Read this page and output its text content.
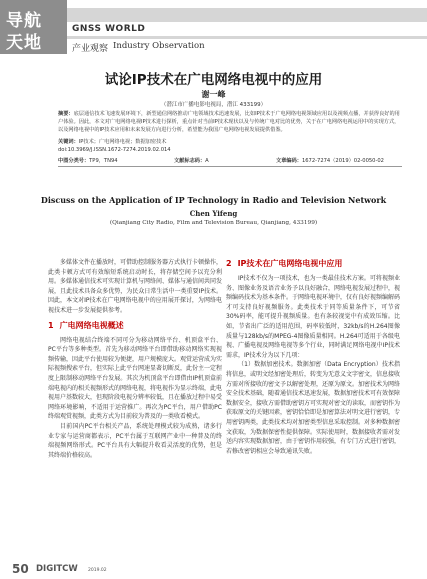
导航
天地
GNSS WORLD
产业观察 Industry Observation
试论IP技术在广电网络电视中的应用
谢一峰
（潜江市广播电影电视局，潜江 433199）
摘要：底层通信技术飞速发展环境下，新型通信网络推动广电领域技术迅速发展，比如IP技术于广电网络电视领域应用以及视频点播，并获得良好的用户体验。因此，本文对广电网络电视IP技术进行探析，重点针对当前IP技术现状以及与传统广电对比的优势，关于在广电网络电视运用中的实现方式，以及网络电视中的IP技术应用和未来发展方向进行分析，希望能为我国广电网络电视发展提供借鉴。
关键词：IP技术；广电网络电视；数据加密技术
doi:10.3969/J.ISSN.1672-7274.2019.02.014
中图分类号：TP9，TN94	文献标志码：A	文章编码：1672-7274（2019）02-0050-02
Discuss on the Application of IP Technology in Radio and Television Network
Chen Yifeng
(Qianjiang City Radio, Film and Television Bureau, Qianjiang, 433199)

多媒体文件在播放时，可借助控制服务器方式执行卡顿操作，此类卡顿方式可有效缩短系统启动时长，将存储空间予以充分利用。多媒体通信技术可实现计算机与网络间、媒体与通信间共同发展，且此技术具备众多优势，为民众日常生活中一类重要IP技术。因此，本文对IP技术在广电网络电视中的应用展开探讨，为网络电视技术进一步发展提供参考。

1 广电网络电视概述

网络电视结合终端不同可分为移动网络平台、机顶盒平台、PC平台等多种类型。首先为移动网络平台即借助移动网络实现视频传输，因此平台使用较为便捷，用户规模庞大。观赏运营成为实际视频搜索平台，但实际上此平台网速显著切断反，此份主一定程度上限制移动网络平台发展。其次为机顶盒平台即借由IP机顶盒前端电视内的相关视频形式的网络电视，将电视作为显示终端，此电视用户基数较大，但现阶段电视分辨率较低，且在播放过程中易受网络环境影响，不适用于运营推广。再次为PC平台，用户借助PC终端观赏视频，此类方式为目前较为普及的一类收看模式。

目前国内PC平台相关产品，系统处理模式较为成熟，诸多行业专家与运营商都表示，PC平台属于互联网产业中一种普及的终端视频网络形式。PC平台具有大幅提升收看灵活度的优势，但是其终端价格较高。

2 IP技术在广电网络电视中应用

IP技术不仅为一项技术，也为一类最佳技术方案。可将视频业务、图像业务及语音业务予以良好融合，网络电视发展过程中，视频编码技术为基本条件。于网络电视环境中，仅有良好视频编解码才可支持良好视频服务。此类技术于同等质量条件下，可节省30%码率，能可提升视频质量。也有条较视觉中有成效压缩。比如，节省出广泛的适用范围，码率较低时，32kb/s的H.264图像质量与128kb/s的MPEG-4图像质量相同。H.264可适用于各级电视、广播电视及网络电视等多个行业，同时满足网络电视中IP技术需求，IP技术分为以下几项：

（1）数据加密技术。数据加密（Data Encryption）技术指将信息，或明文经加密处理后，转变为无意义文字密文，信息接收方需对所接收的密文予以解密处理，还原为原文。加密技术为网络安全技术基础，随着通信技术迅速发展，数据加密技术可有效保障数据安全，接收方需借助密钥方可实现对密文的读取，而密钥作为获取原文的关键因素，密钥恰恰即是加密算法对明文进行密钥，专用密钥两类，此类技术均对加密类型信息采取控制。对多种数据密文获取，为数据保密性提供保障。实际使用时，数据接收者需对发送内容实现数据加密，由于密钥作用较强，有专门方式进行密钥，若修改密钥相应会导致通讯失败。

50 DIGITCW 2019.02
